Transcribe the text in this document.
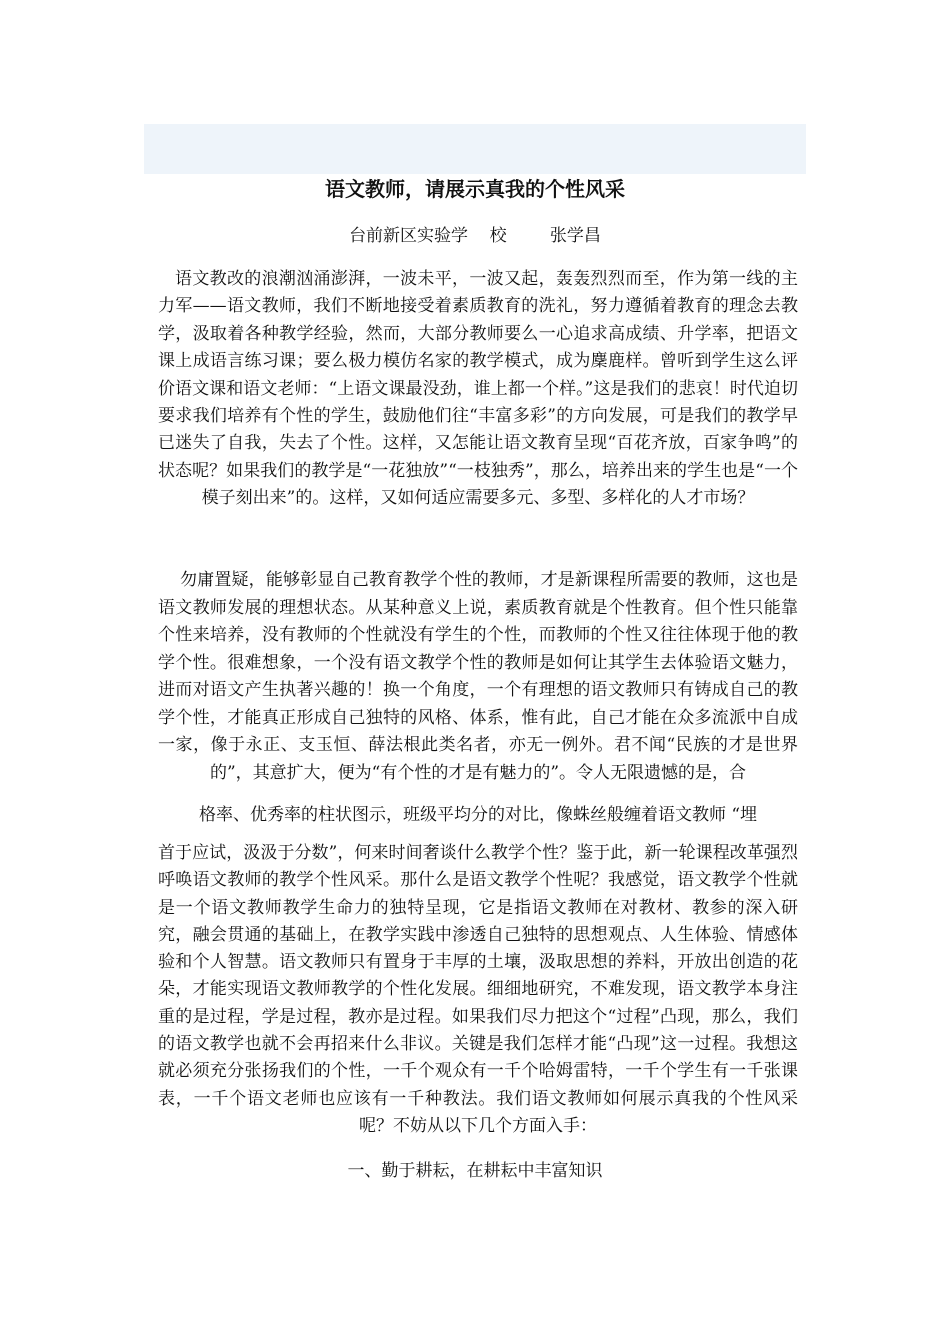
语文教师，请展示真我的个性风采
台前新区实验学    校        张学昌

语文教改的浪潮汹涌澎湃，一波未平，一波又起，轰轰烈烈而至，作为第一线的主力军——语文教师，我们不断地接受着素质教育的洗礼，努力遵循着教育的理念去教学，汲取着各种教学经验，然而，大部分教师要么一心追求高成绩、升学率，把语文课上成语言练习课；要么极力模仿名家的教学模式，成为麇鹿样。曾听到学生这么评价语文课和语文老师：“上语文课最没劲，谁上都一个样。”这是我们的悲哀！时代迫切要求我们培养有个性的学生，鼓励他们往“丰富多彩”的方向发展，可是我们的教学早已迷失了自我，失去了个性。这样，又怎能让语文教育呈现“百花齐放，百家争鸣”的状态呢？如果我们的教学是“一花独放”“一枝独秀”，那么，培养出来的学生也是“一个模子刻出来”的。这样，又如何适应需要多元、多型、多样化的人才市场？

勿庸置疑，能够彰显自己教育教学个性的教师，才是新课程所需要的教师，这也是语文教师发展的理想状态。从某种意义上说，素质教育就是个性教育。但个性只能靠个性来培养，没有教师的个性就没有学生的个性，而教师的个性又往往体现于他的教学个性。很难想象，一个没有语文教学个性的教师是如何让其学生去体验语文魅力，进而对语文产生执著兴趣的！换一个角度，一个有理想的语文教师只有铸成自己的教学个性，才能真正形成自己独特的风格、体系，惟有此，自己才能在众多流派中自成一家，像于永正、支玉恒、薛法根此类名者，亦无一例外。君不闻“民族的才是世界的”，其意扩大，便为“有个性的才是有魅力的”。令人无限遗憾的是，合

格率、优秀率的柱状图示，班级平均分的对比，像蛛丝般缠着语文教师 “埋

首于应试，汲汲于分数”，何来时间奢谈什么教学个性？鉴于此，新一轮课程改革强烈呼唤语文教师的教学个性风采。那什么是语文教学个性呢？我感觉，语文教学个性就是一个语文教师教学生命力的独特呈现，它是指语文教师在对教材、教参的深入研究，融会贯通的基础上，在教学实践中渗透自己独特的思想观点、人生体验、情感体验和个人智慧。语文教师只有置身于丰厚的土壤，汲取思想的养料，开放出创造的花朵，才能实现语文教师教学的个性化发展。细细地研究，不难发现，语文教学本身注重的是过程，学是过程，教亦是过程。如果我们尽力把这个“过程”凸现，那么，我们的语文教学也就不会再招来什么非议。关键是我们怎样才能“凸现”这一过程。我想这就必须充分张扬我们的个性，一千个观众有一千个哈姆雷特，一千个学生有一千张课表，一千个语文老师也应该有一千种教法。我们语文教师如何展示真我的个性风采呢？不妨从以下几个方面入手：

一、勤于耕耘，在耕耘中丰富知识
